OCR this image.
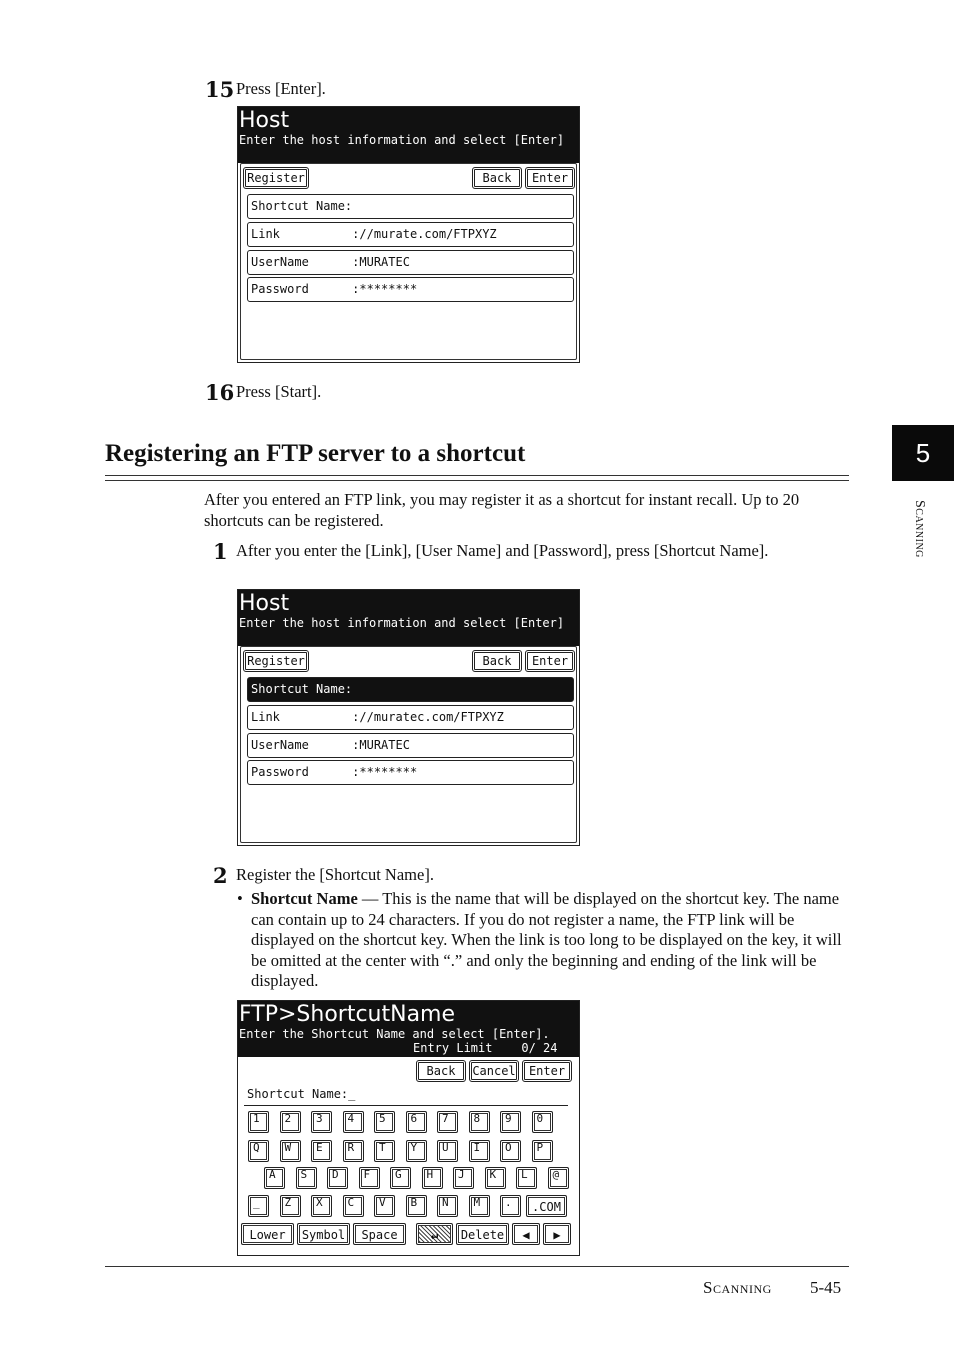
15 Press [Enter].
Host
Enter the host information and select [Enter]
Register	Back	Enter
Shortcut Name:
Link          ://murate.com/FTPXYZ
UserName      :MURATEC
Password      :********
16 Press [Start].
Registering an FTP server to a shortcut
After you entered an FTP link, you may register it as a shortcut for instant recall. Up to 20 shortcuts can be registered.
1 After you enter the [Link], [User Name] and [Password], press [Shortcut Name].
Host
Enter the host information and select [Enter]
Register	Back	Enter
Shortcut Name:
Link          ://muratec.com/FTPXYZ
UserName      :MURATEC
Password      :********
2 Register the [Shortcut Name].
• Shortcut Name — This is the name that will be displayed on the shortcut key. The name can contain up to 24 characters. If you do not register a name, the FTP link will be displayed on the shortcut key. When the link is too long to be displayed on the key, it will be omitted at the center with “.” and only the beginning and ending of the link will be displayed.
FTP>ShortcutName
Enter the Shortcut Name and select [Enter].
Entry Limit    0/ 24
Back	Cancel	Enter
Shortcut Name:_
1	2	3	4	5	6	7	8	9	0
Q	W	E	R	T	Y	U	I	O	P
A	S	D	F	G	H	J	K	L	@
_	Z	X	C	V	B	N	M	.	.COM
Lower	Symbol	Space	↵	Delete	◀	▶
5
Scanning
Scanning 5-45
